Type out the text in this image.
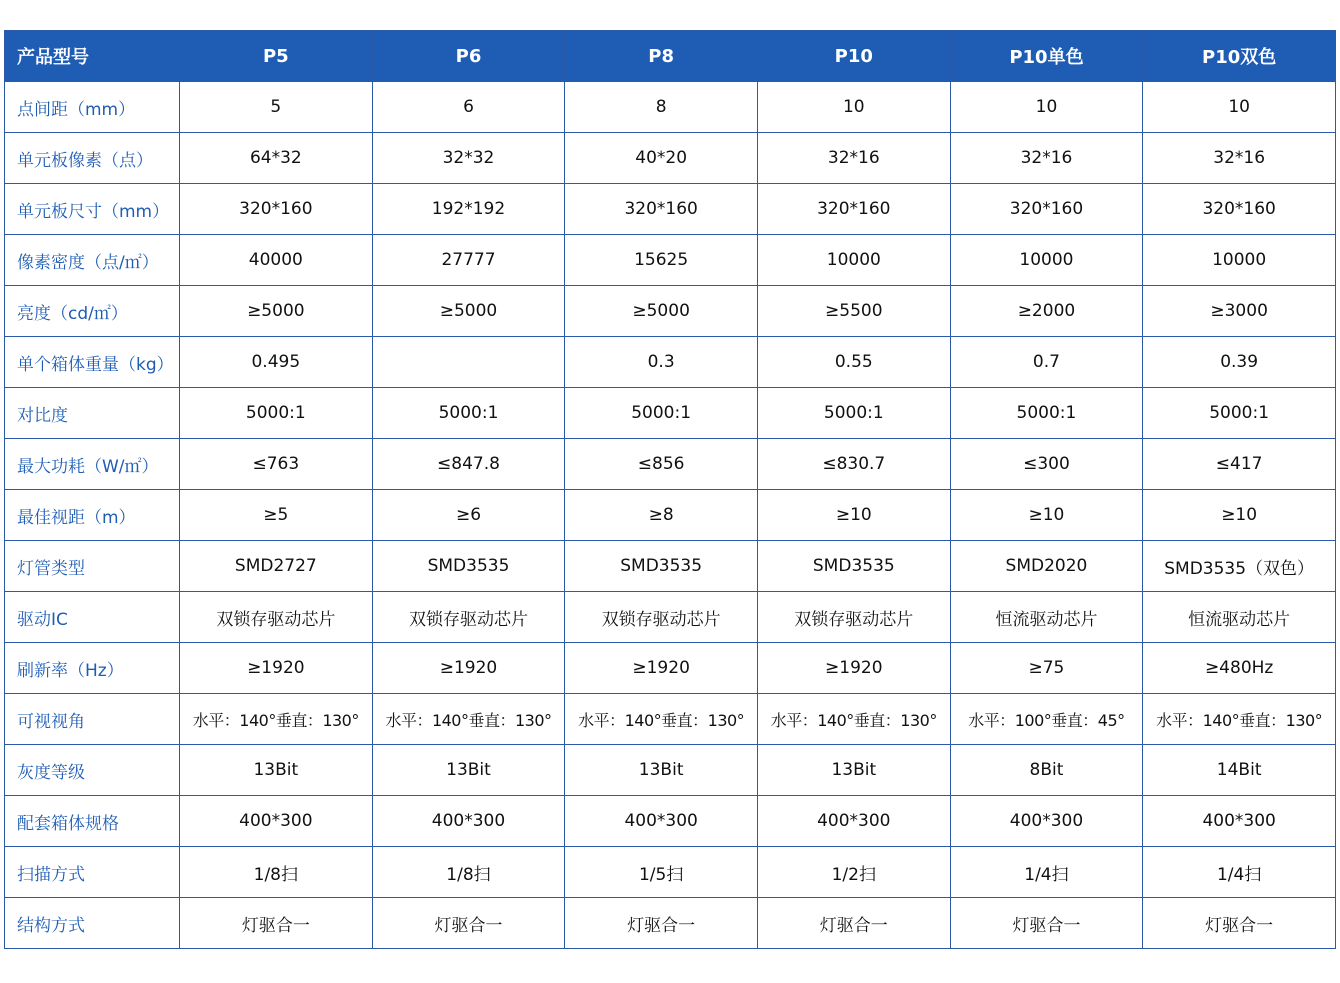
产品型号	P5	P6	P8	P10	P10单色	P10双色
点间距（mm）	5	6	8	10	10	10
单元板像素（点）	64*32	32*32	40*20	32*16	32*16	32*16
单元板尺寸（mm）	320*160	192*192	320*160	320*160	320*160	320*160
像素密度（点/㎡）	40000	27777	15625	10000	10000	10000
亮度（cd/㎡）	≥5000	≥5000	≥5000	≥5500	≥2000	≥3000
单个箱体重量（kg）	0.495		0.3	0.55	0.7	0.39
对比度	5000:1	5000:1	5000:1	5000:1	5000:1	5000:1
最大功耗（W/㎡）	≤763	≤847.8	≤856	≤830.7	≤300	≤417
最佳视距（m）	≥5	≥6	≥8	≥10	≥10	≥10
灯管类型	SMD2727	SMD3535	SMD3535	SMD3535	SMD2020	SMD3535（双色）
驱动IC	双锁存驱动芯片	双锁存驱动芯片	双锁存驱动芯片	双锁存驱动芯片	恒流驱动芯片	恒流驱动芯片
刷新率（Hz）	≥1920	≥1920	≥1920	≥1920	≥75	≥480Hz
可视视角	水平：140°垂直：130°	水平：140°垂直：130°	水平：140°垂直：130°	水平：140°垂直：130°	水平：100°垂直：45°	水平：140°垂直：130°
灰度等级	13Bit	13Bit	13Bit	13Bit	8Bit	14Bit
配套箱体规格	400*300	400*300	400*300	400*300	400*300	400*300
扫描方式	1/8扫	1/8扫	1/5扫	1/2扫	1/4扫	1/4扫
结构方式	灯驱合一	灯驱合一	灯驱合一	灯驱合一	灯驱合一	灯驱合一
